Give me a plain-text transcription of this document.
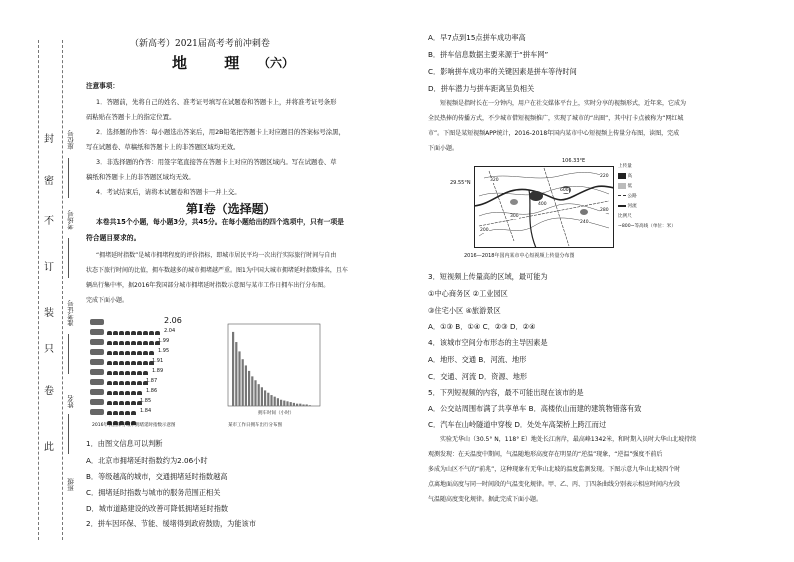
封
密
不
订
装
只
卷
此
座位号
考场号
准考证号
姓名
班级
（新高考）2021届高考考前冲刺卷
地 理 （六）
注意事项：
1．答题前，先将自己的姓名、准考证号填写在试题卷和答题卡上，并将准考证号条形
码粘贴在答题卡上的指定位置。
2．选择题的作答：每小题选出答案后，用2B铅笔把答题卡上对应题目的答案标号涂黑，
写在试题卷、草稿纸和答题卡上的非答题区域均无效。
3．非选择题的作答：用签字笔直接答在答题卡上对应的答题区域内。写在试题卷、草
稿纸和答题卡上的非答题区域均无效。
4．考试结束后，请将本试题卷和答题卡一并上交。
第Ⅰ卷（选择题）
本卷共15个小题，每小题3分，共45分。在每小题给出的四个选项中，只有一项是
符合题目要求的。
“拥堵延时指数”是城市拥堵程度的评价指标，即城市居民平均一次出行实际旅行时间与自由
状态下旅行时间的比值，拥车数越多的城市拥堵越严重。图1为中国大城市拥堵延时指数排名，且车
辆出行集中率，据2016年我国部分城市拥堵延时指数示意图与某市工作日拥车出行分布图。
完成下面小题。
2.06
2.04
1.99
1.95
1.91
1.89
1.87
1.86
1.85
1.84
2016年我国部分城市拥堵延时指数示意图
拥车时间（小时）
某市工作日拥车出行分布图
1．由图文信息可以判断
A．北京市拥堵延时指数约为2.06小时
B．等级越高的城市，交通拥堵延时指数越高
C．拥堵延时指数与城市的服务范围正相关
D．城市道路建设的改善可降低拥堵延时指数
2．拼车因环保、节能、缓堵得到政府鼓励，为能该市
A．早7点到15点拼车成功率高
B．拼车信息数据主要来源于“拼车网”
C．影响拼车成功率的关键因素是拼车等待时间
D．拼车潜力与拼车距离呈负相关
短视频是指时长在一分钟内，用户在社交媒体平台上，实时分享的视频形式，近年来，它成为
全民热捧的传播方式，不少城市借短视频推广，实现了城市的“出圈”，其中打卡点被称为“网红城
市”。下图是某短视频APP统计，2016-2018年国内某市中心短视频上传量分布图，读图，完成
下面小题。
106.33°E
29.55°N
200
300
400
600
240
280
320
220
上传量
高
低
公路
河流
比例尺
~800~等高线（单位：米）
2016—2018年国内某市中心短视频上传量分布图
3．短视频上传量高的区域，最可能为
①中心商务区 ②工业园区
③住宅小区 ④旅游景区
A．①③ B．①④ C．②③ D．②④
4．该城市空间分布形态的主导因素是
A．地形、交通 B．河流、地形
C．交通、河流 D．资源、地形
5．下列短视频的内容，最不可能出现在该市的是
A．公交站周围布满了共享单车 B．高楼依山而建的建筑物错落有致
C．汽车在山岭隧道中穿梭 D．处处车高架桥上跨江而过
实验无华山（30.5° N，118° E）地处长江南岸，最高峰1342米，和时期入员时大华山北坡持续
观测发现：在天温度中期间，气温随地形高度存在明显的“逆温”现象，“逆温”强度不前后
多成为山区不气的“前兆”，这种现象有无华山北坡的温度监测发现。下图示意九华山北坡四个时
点离地面高度与同一时间段的气温变化规律。甲、乙、丙、丁四条曲线分别表示相应时间内左段
气温随高度变化规律。据此完成下面小题。
